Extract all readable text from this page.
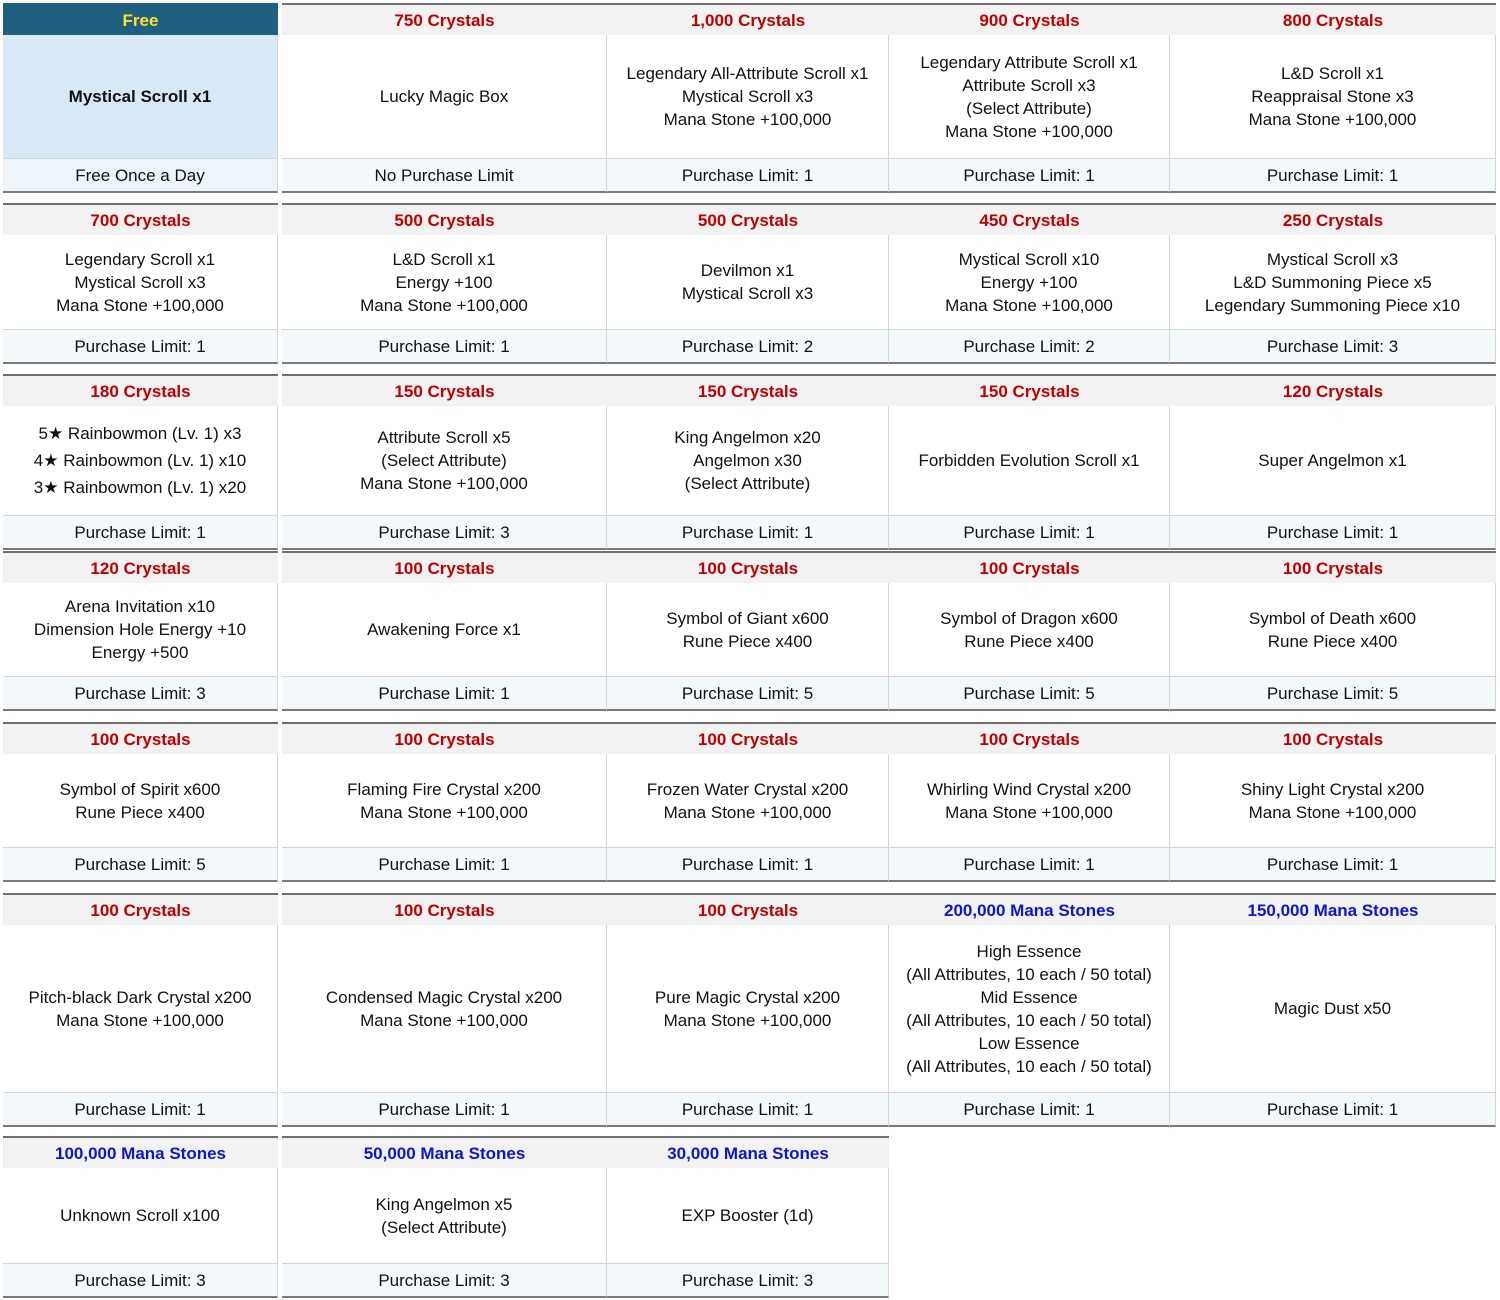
Free
Mystical Scroll x1
Free Once a Day
750 Crystals
Lucky Magic Box
No Purchase Limit
1,000 Crystals
Legendary All-Attribute Scroll x1
Mystical Scroll x3
Mana Stone +100,000
Purchase Limit: 1
900 Crystals
Legendary Attribute Scroll x1
Attribute Scroll x3
(Select Attribute)
Mana Stone +100,000
Purchase Limit: 1
800 Crystals
L&D Scroll x1
Reappraisal Stone x3
Mana Stone +100,000
Purchase Limit: 1
700 Crystals
Legendary Scroll x1
Mystical Scroll x3
Mana Stone +100,000
Purchase Limit: 1
500 Crystals
L&D Scroll x1
Energy +100
Mana Stone +100,000
Purchase Limit: 1
500 Crystals
Devilmon x1
Mystical Scroll x3
Purchase Limit: 2
450 Crystals
Mystical Scroll x10
Energy +100
Mana Stone +100,000
Purchase Limit: 2
250 Crystals
Mystical Scroll x3
L&D Summoning Piece x5
Legendary Summoning Piece x10
Purchase Limit: 3
180 Crystals
5★ Rainbowmon (Lv. 1) x3
4★ Rainbowmon (Lv. 1) x10
3★ Rainbowmon (Lv. 1) x20
Purchase Limit: 1
150 Crystals
Attribute Scroll x5
(Select Attribute)
Mana Stone +100,000
Purchase Limit: 3
150 Crystals
King Angelmon x20
Angelmon x30
(Select Attribute)
Purchase Limit: 1
150 Crystals
Forbidden Evolution Scroll x1
Purchase Limit: 1
120 Crystals
Super Angelmon x1
Purchase Limit: 1
120 Crystals
Arena Invitation x10
Dimension Hole Energy +10
Energy +500
Purchase Limit: 3
100 Crystals
Awakening Force x1
Purchase Limit: 1
100 Crystals
Symbol of Giant x600
Rune Piece x400
Purchase Limit: 5
100 Crystals
Symbol of Dragon x600
Rune Piece x400
Purchase Limit: 5
100 Crystals
Symbol of Death x600
Rune Piece x400
Purchase Limit: 5
100 Crystals
Symbol of Spirit x600
Rune Piece x400
Purchase Limit: 5
100 Crystals
Flaming Fire Crystal x200
Mana Stone +100,000
Purchase Limit: 1
100 Crystals
Frozen Water Crystal x200
Mana Stone +100,000
Purchase Limit: 1
100 Crystals
Whirling Wind Crystal x200
Mana Stone +100,000
Purchase Limit: 1
100 Crystals
Shiny Light Crystal x200
Mana Stone +100,000
Purchase Limit: 1
100 Crystals
Pitch-black Dark Crystal x200
Mana Stone +100,000
Purchase Limit: 1
100 Crystals
Condensed Magic Crystal x200
Mana Stone +100,000
Purchase Limit: 1
100 Crystals
Pure Magic Crystal x200
Mana Stone +100,000
Purchase Limit: 1
200,000 Mana Stones
High Essence
(All Attributes, 10 each / 50 total)
Mid Essence
(All Attributes, 10 each / 50 total)
Low Essence
(All Attributes, 10 each / 50 total)
Purchase Limit: 1
150,000 Mana Stones
Magic Dust x50
Purchase Limit: 1
100,000 Mana Stones
Unknown Scroll x100
Purchase Limit: 3
50,000 Mana Stones
King Angelmon x5
(Select Attribute)
Purchase Limit: 3
30,000 Mana Stones
EXP Booster (1d)
Purchase Limit: 3
